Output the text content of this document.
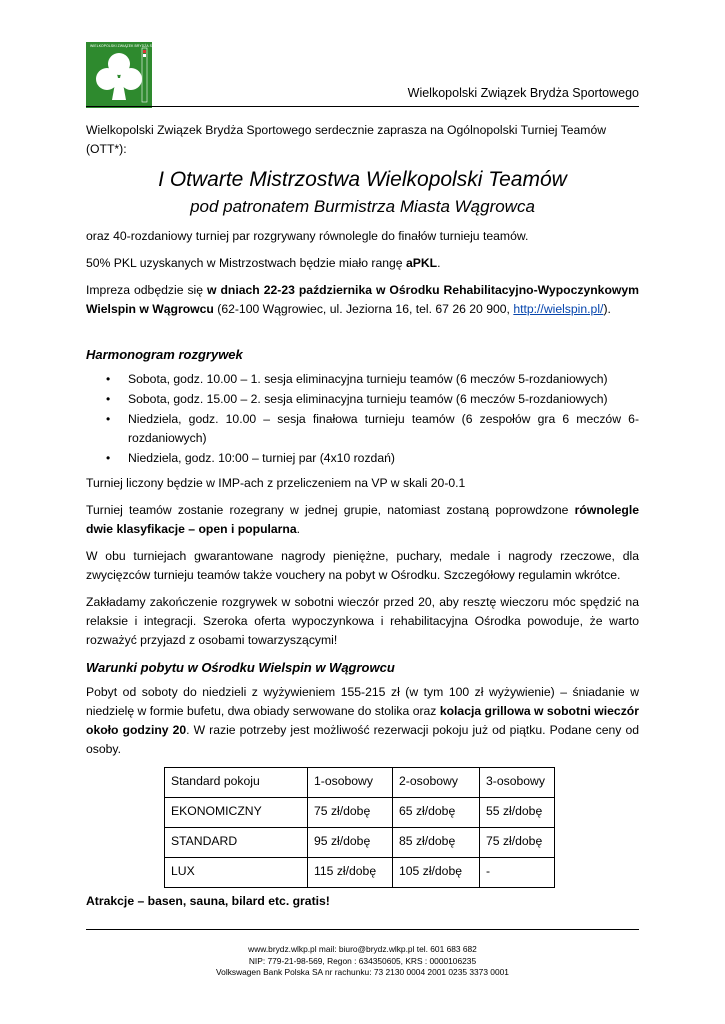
WIELKOPOLSKI ZWIĄZEK BRYDŻA SPORTOWEGO
Wielkopolski Związek Brydża Sportowego

Wielkopolski Związek Brydża Sportowego serdecznie zaprasza na Ogólnopolski Turniej Teamów (OTT*):

I Otwarte Mistrzostwa Wielkopolski Teamów
pod patronatem Burmistrza Miasta Wągrowca

oraz 40-rozdaniowy turniej par rozgrywany równolegle do finałów turnieju teamów.

50% PKL uzyskanych w Mistrzostwach będzie miało rangę aPKL.

Impreza odbędzie się w dniach 22-23 października w Ośrodku Rehabilitacyjno-Wypoczynkowym Wielspin w Wągrowcu (62-100 Wągrowiec, ul. Jeziorna 16, tel. 67 26 20 900, http://wielspin.pl/).

Harmonogram rozgrywek
• Sobota, godz. 10.00 – 1. sesja eliminacyjna turnieju teamów (6 meczów 5-rozdaniowych)
• Sobota, godz. 15.00 – 2. sesja eliminacyjna turnieju teamów (6 meczów 5-rozdaniowych)
• Niedziela, godz. 10.00 – sesja finałowa turnieju teamów (6 zespołów gra 6 meczów 6-rozdaniowych)
• Niedziela, godz. 10:00 – turniej par (4x10 rozdań)

Turniej liczony będzie w IMP-ach z przeliczeniem na VP w skali 20-0.1

Turniej teamów zostanie rozegrany w jednej grupie, natomiast zostaną poprowdzone równolegle dwie klasyfikacje – open i popularna.

W obu turniejach gwarantowane nagrody pieniężne, puchary, medale i nagrody rzeczowe, dla zwycięzców turnieju teamów także vouchery na pobyt w Ośrodku. Szczegółowy regulamin wkrótce.

Zakładamy zakończenie rozgrywek w sobotni wieczór przed 20, aby resztę wieczoru móc spędzić na relaksie i integracji. Szeroka oferta wypoczynkowa i rehabilitacyjna Ośrodka powoduje, że warto rozważyć przyjazd z osobami towarzyszącymi!

Warunki pobytu w Ośrodku Wielspin w Wągrowcu

Pobyt od soboty do niedzieli z wyżywieniem 155-215 zł (w tym 100 zł wyżywienie) – śniadanie w niedzielę w formie bufetu, dwa obiady serwowane do stolika oraz kolacja grillowa w sobotni wieczór około godziny 20. W razie potrzeby jest możliwość rezerwacji pokoju już od piątku. Podane ceny od osoby.

Standard pokoju	1-osobowy	2-osobowy	3-osobowy
EKONOMICZNY	75 zł/dobę	65 zł/dobę	55 zł/dobę
STANDARD	95 zł/dobę	85 zł/dobę	75 zł/dobę
LUX	115 zł/dobę	105 zł/dobę	-

Atrakcje – basen, sauna, bilard etc. gratis!

www.brydz.wlkp.pl mail: biuro@brydz.wlkp.pl tel. 601 683 682
NIP: 779-21-98-569, Regon : 634350605, KRS : 0000106235
Volkswagen Bank Polska SA nr rachunku: 73 2130 0004 2001 0235 3373 0001
